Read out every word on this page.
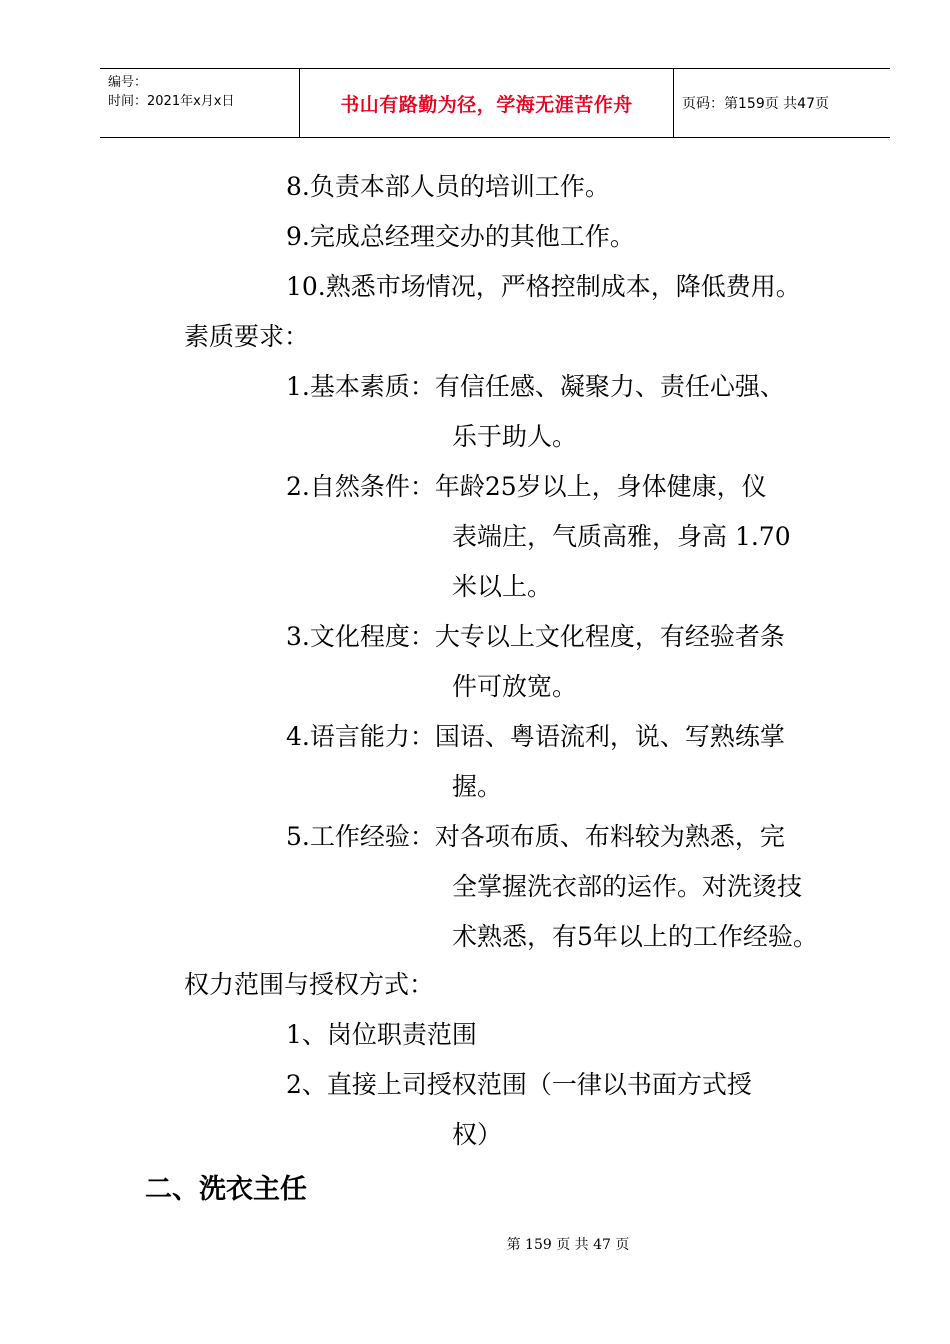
编号：
时间：2021年x月x日	书山有路勤为径，学海无涯苦作舟	页码：第159页 共47页
8.负责本部人员的培训工作。
9.完成总经理交办的其他工作。
10.熟悉市场情况，严格控制成本，降低费用。
素质要求：
1.基本素质：有信任感、凝聚力、责任心强、
乐于助人。
2.自然条件：年龄25岁以上，身体健康，仪
表端庄，气质高雅，身高 1.70
米以上。
3.文化程度：大专以上文化程度，有经验者条
件可放宽。
4.语言能力：国语、粤语流利，说、写熟练掌
握。
5.工作经验：对各项布质、布料较为熟悉，完
全掌握洗衣部的运作。对洗烫技
术熟悉，有5年以上的工作经验。
权力范围与授权方式：
1、岗位职责范围
2、直接上司授权范围（一律以书面方式授
权）
二、洗衣主任
第 159 页 共 47 页
